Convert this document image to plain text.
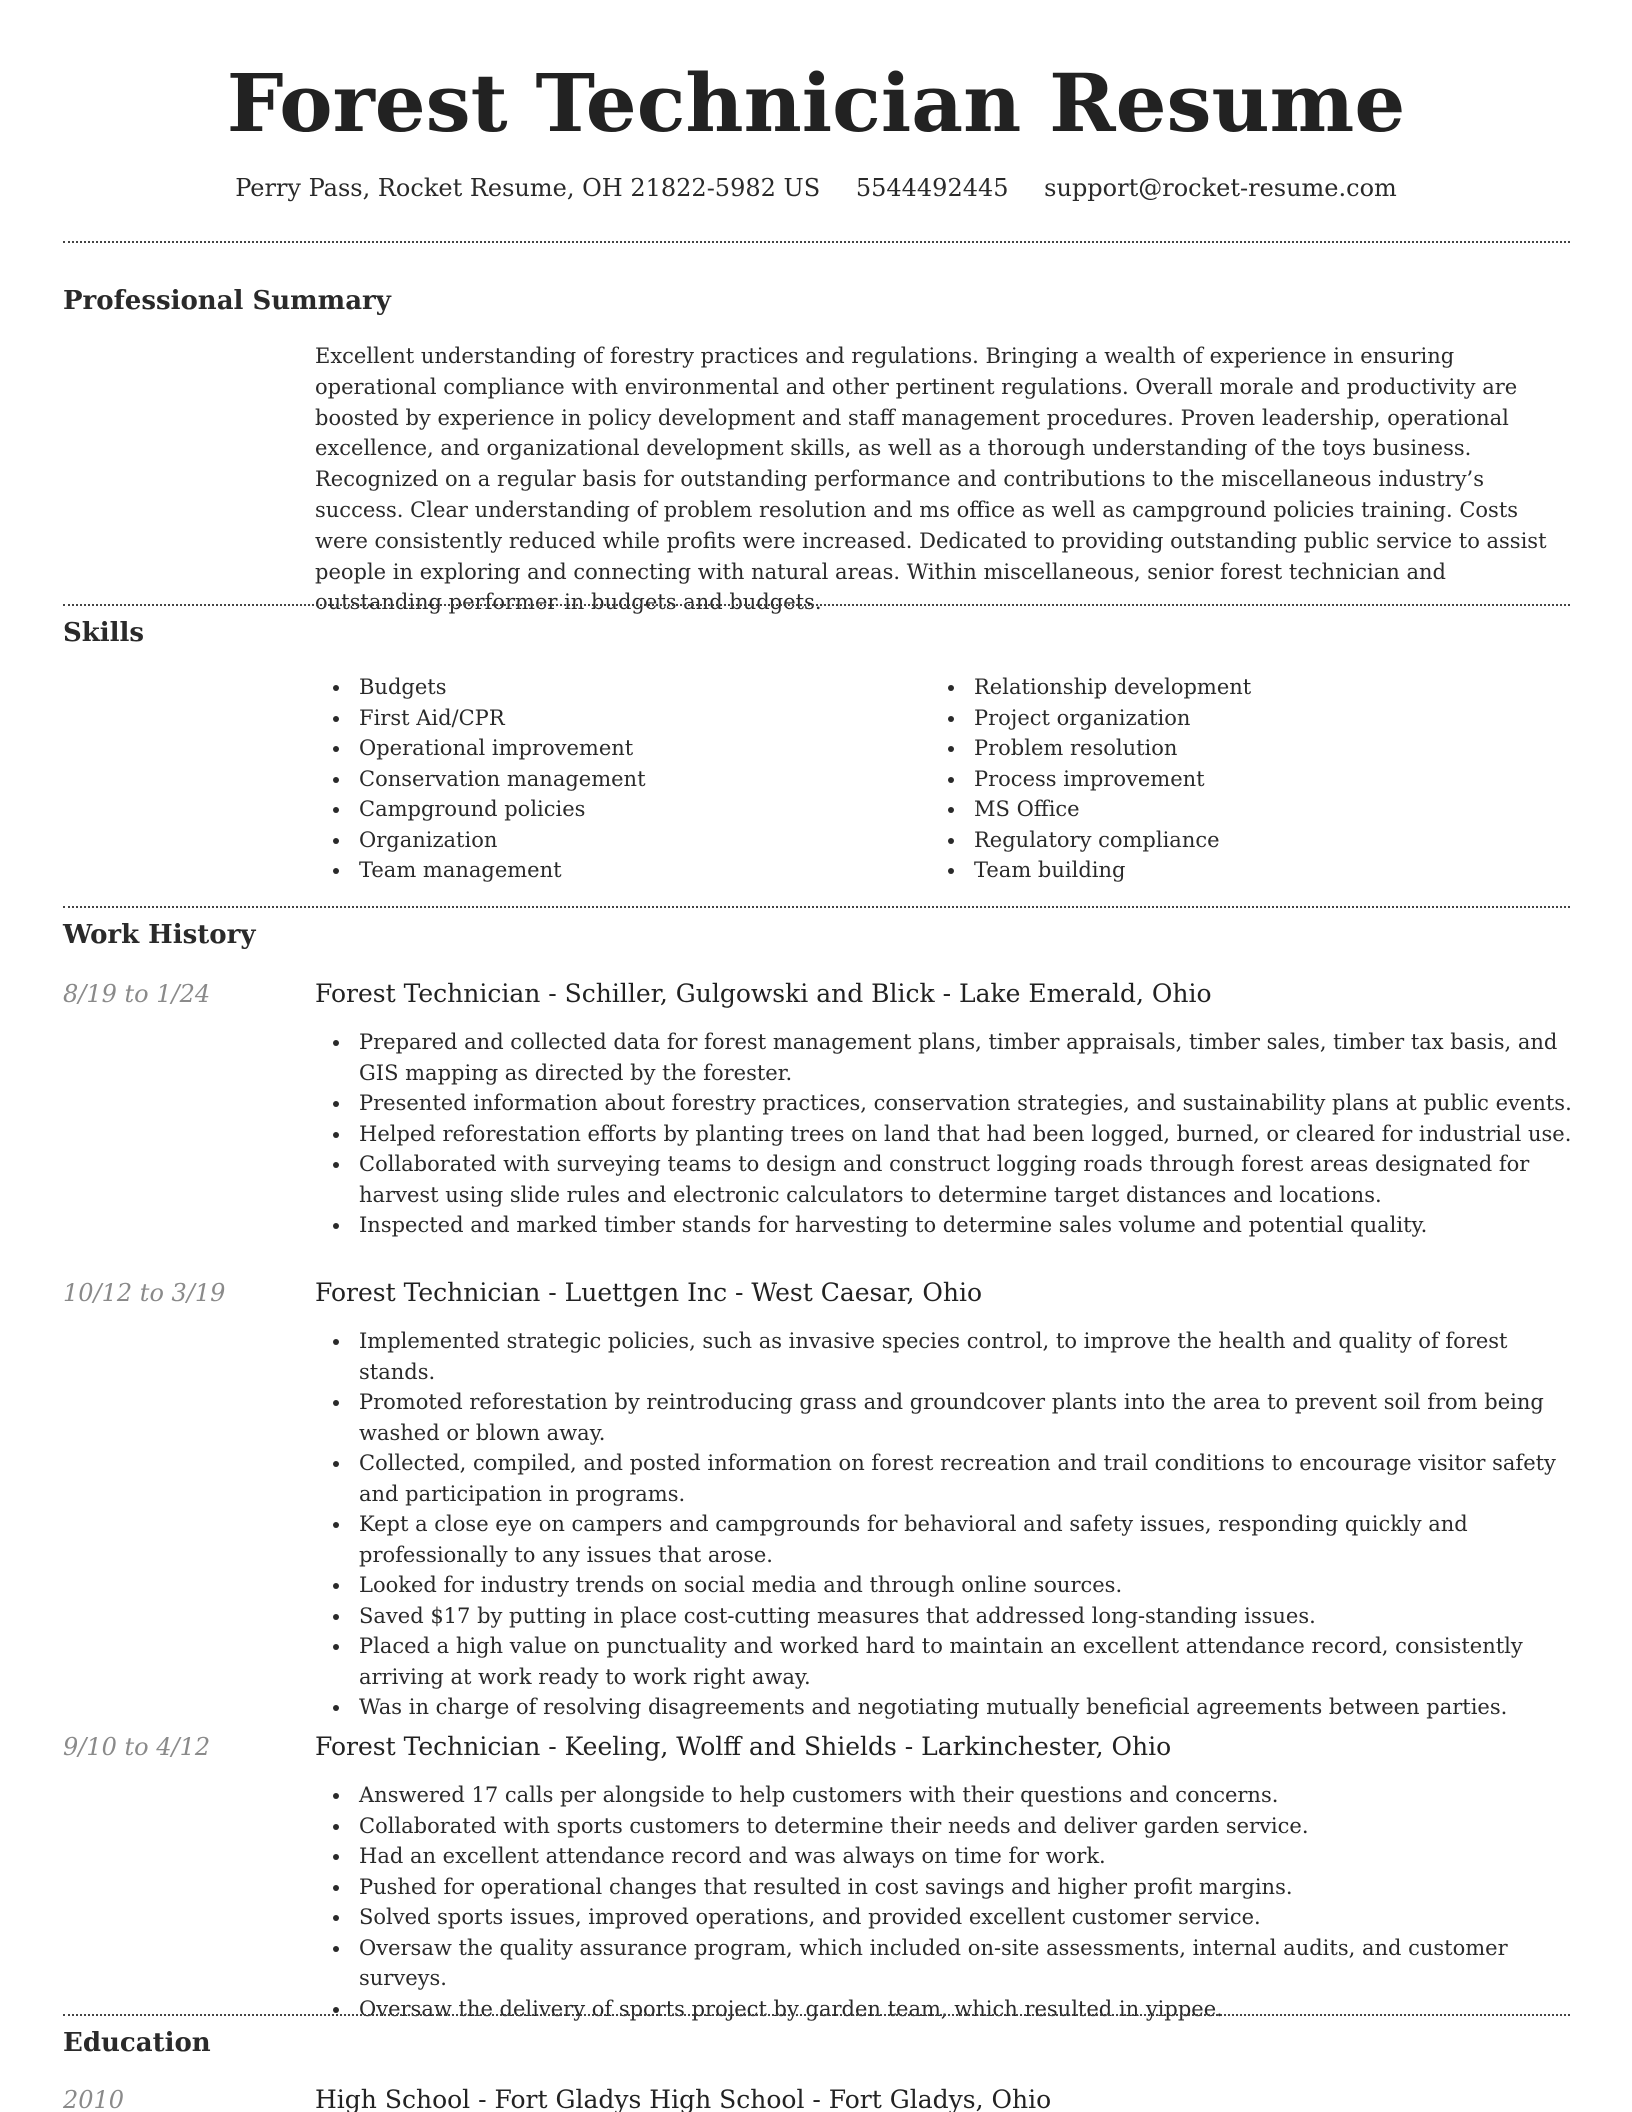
Forest Technician Resume
Perry Pass, Rocket Resume, OH 21822-5982 US 5544492445 support@rocket-resume.com
Professional Summary

Excellent understanding of forestry practices and regulations. Bringing a wealth of experience in ensuring operational compliance with environmental and other pertinent regulations. Overall morale and productivity are boosted by experience in policy development and staff management procedures. Proven leadership, operational excellence, and organizational development skills, as well as a thorough understanding of the toys business. Recognized on a regular basis for outstanding performance and contributions to the miscellaneous industry’s success. Clear understanding of problem resolution and ms office as well as campground policies training. Costs were consistently reduced while profits were increased. Dedicated to providing outstanding public service to assist people in exploring and connecting with natural areas. Within miscellaneous, senior forest technician and outstanding performer in budgets and budgets.

Skills
Budgets
First Aid/CPR
Operational improvement
Conservation management
Campground policies
Organization
Team management
Relationship development
Project organization
Problem resolution
Process improvement
MS Office
Regulatory compliance
Team building
Work History
8/19 to 1/24	Forest Technician - Schiller, Gulgowski and Blick - Lake Emerald, Ohio
Prepared and collected data for forest management plans, timber appraisals, timber sales, timber tax basis, and GIS mapping as directed by the forester.
Presented information about forestry practices, conservation strategies, and sustainability plans at public events.
Helped reforestation efforts by planting trees on land that had been logged, burned, or cleared for industrial use.
Collaborated with surveying teams to design and construct logging roads through forest areas designated for harvest using slide rules and electronic calculators to determine target distances and locations.
Inspected and marked timber stands for harvesting to determine sales volume and potential quality.
10/12 to 3/19	Forest Technician - Luettgen Inc - West Caesar, Ohio
Implemented strategic policies, such as invasive species control, to improve the health and quality of forest stands.
Promoted reforestation by reintroducing grass and groundcover plants into the area to prevent soil from being washed or blown away.
Collected, compiled, and posted information on forest recreation and trail conditions to encourage visitor safety and participation in programs.
Kept a close eye on campers and campgrounds for behavioral and safety issues, responding quickly and professionally to any issues that arose.
Looked for industry trends on social media and through online sources.
Saved $17 by putting in place cost-cutting measures that addressed long-standing issues.
Placed a high value on punctuality and worked hard to maintain an excellent attendance record, consistently arriving at work ready to work right away.
Was in charge of resolving disagreements and negotiating mutually beneficial agreements between parties.
9/10 to 4/12	Forest Technician - Keeling, Wolff and Shields - Larkinchester, Ohio
Answered 17 calls per alongside to help customers with their questions and concerns.
Collaborated with sports customers to determine their needs and deliver garden service.
Had an excellent attendance record and was always on time for work.
Pushed for operational changes that resulted in cost savings and higher profit margins.
Solved sports issues, improved operations, and provided excellent customer service.
Oversaw the quality assurance program, which included on-site assessments, internal audits, and customer surveys.
Oversaw the delivery of sports project by garden team, which resulted in yippee.
Education
2010	High School - Fort Gladys High School - Fort Gladys, Ohio
